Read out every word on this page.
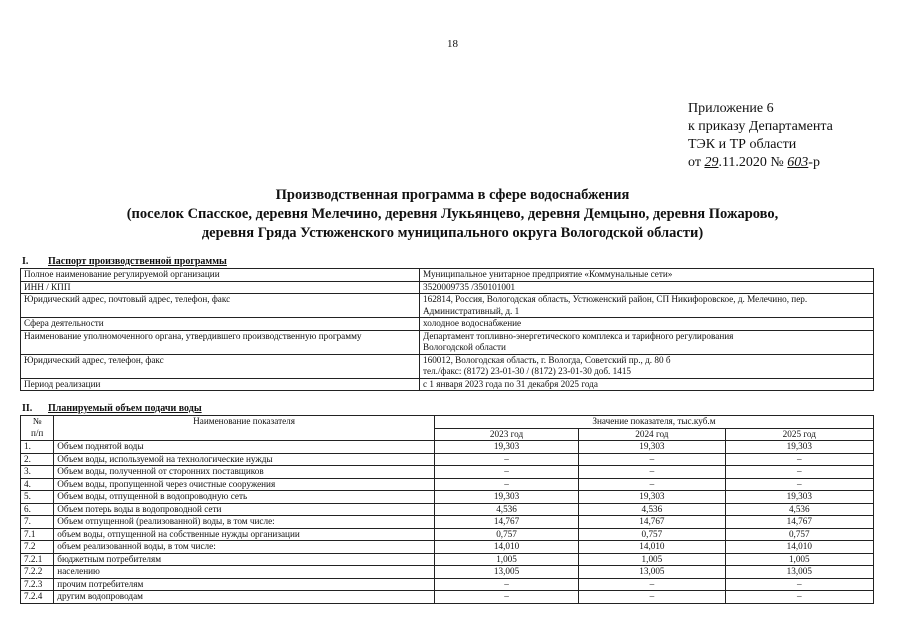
18
Приложение 6
к приказу Департамента
ТЭК и ТР области
от 29.11.2020 № 603-р
Производственная программа в сфере водоснабжения
(поселок Спасское, деревня Мелечино, деревня Лукьянцево, деревня Демцыно, деревня Пожарово,
деревня Гряда Устюженского муниципального округа Вологодской области)
I. Паспорт производственной программы
Полное наименование регулируемой организации	Муниципальное унитарное предприятие «Коммунальные сети»

ИНН / КПП	3520009735 /350101001

Юридический адрес, почтовый адрес, телефон, факс	162814, Россия, Вологодская область, Устюженский район, СП Никифоровское, д. Мелечино, пер.
Административный, д. 1

Сфера деятельности	холодное водоснабжение

Наименование уполномоченного органа, утвердившего производственную программу	Департамент топливно-энергетического комплекса и тарифного регулирования
Вологодской области

Юридический адрес, телефон, факс	160012, Вологодская область, г. Вологда, Советский пр., д. 80 б
тел./факс: (8172) 23-01-30 / (8172) 23-01-30 доб. 1415

Период реализации	с 1 января 2023 года по 31 декабря 2025 года
II. Планируемый объем подачи воды
№
п/п	Наименование показателя	Значение показателя, тыс.куб.м		
		2023 год	2024 год	2025 год
1.	Объем поднятой воды	19,303	19,303	19,303
2.	Объем воды, используемой на технологические нужды	–	–	–
3.	Объем воды, полученной от сторонних поставщиков	–	–	–
4.	Объем воды, пропущенной через очистные сооружения	–	–	–
5.	Объем воды, отпущенной в водопроводную сеть	19,303	19,303	19,303
6.	Объем потерь воды в водопроводной сети	4,536	4,536	4,536
7.	Объем отпущенной (реализованной) воды, в том числе:	14,767	14,767	14,767
7.1	объем воды, отпущенной на собственные нужды организации	0,757	0,757	0,757
7.2	объем реализованной воды, в том числе:	14,010	14,010	14,010
7.2.1	бюджетным потребителям	1,005	1,005	1,005
7.2.2	населению	13,005	13,005	13,005
7.2.3	прочим потребителям	–	–	–
7.2.4	другим водопроводам	–	–	–
